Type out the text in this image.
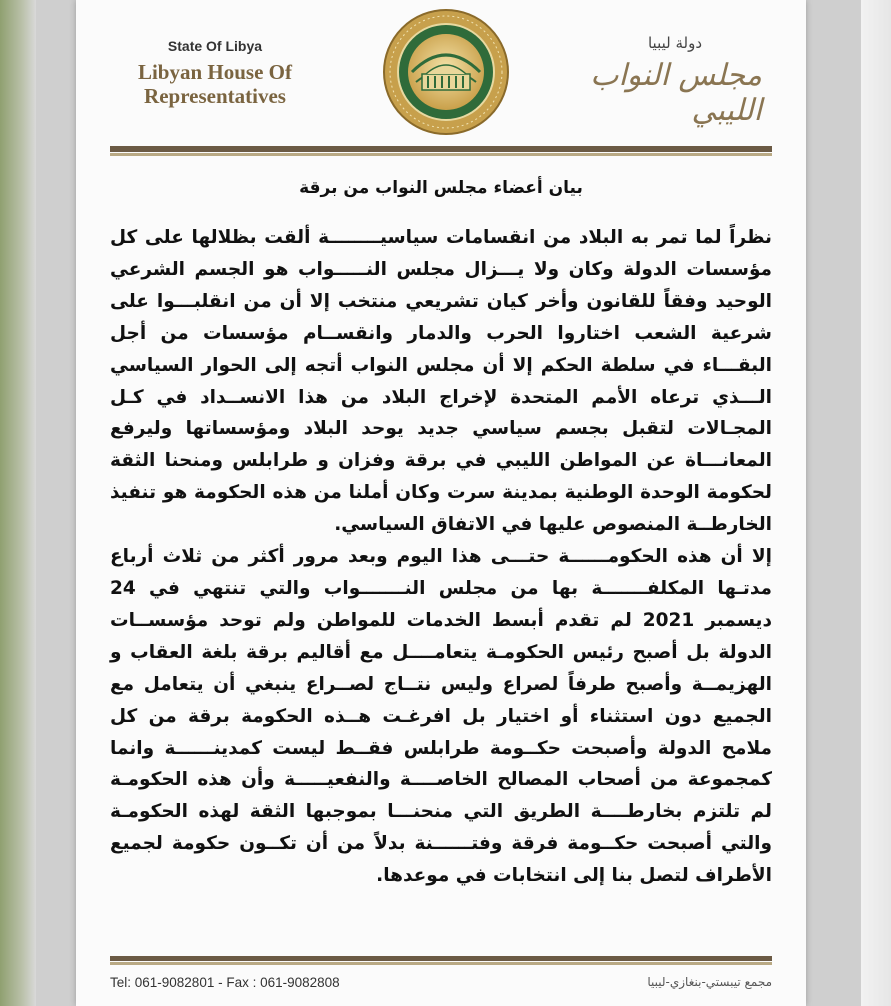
State Of Libya
Libyan House Of
Representatives
دولة ليبيا
مجلس النواب الليبي
بيان أعضاء مجلس النواب من برقة

نظراً لما تمر به البلاد من انقسامات سياسيــــــــة ألقت بظلالها على كل مؤسسات الدولة وكان ولا يـــزال مجلس النـــــواب هو الجسم الشرعي الوحيد وفقاً للقانون وأخر كيان تشريعي منتخب إلا أن من انقلبـــوا على شرعية الشعب اختاروا الحرب والدمار وانقســام مؤسسات من أجل البقـــاء في سلطة الحكم إلا أن مجلس النواب أتجه إلى الحوار السياسي الـــذي ترعاه الأمم المتحدة لإخراج البلاد من هذا الانســداد في كـل المجـالات لتقبل بجسم سياسي جديد يوحد البلاد ومؤسساتها وليرفع المعانـــاة عن المواطن الليبي في برقة وفزان و طرابلس ومنحنا الثقة لحكومة الوحدة الوطنية بمدينة سرت وكان أملنا من هذه الحكومة هو تنفيذ الخارطــة المنصوص عليها في الاتفاق السياسي.

إلا أن هذه الحكومــــــة حتـــى هذا اليوم وبعد مرور أكثر من ثلاث أرباع مدتـها المكلفـــــــة بها من مجلس النـــــــواب والتي تنتهي في 24 ديسمبر 2021 لم تقدم أبسط الخدمات للمواطن ولم توحد مؤسســات الدولة بل أصبح رئيس الحكومـة يتعامــــل مع أقاليم برقة بلغة العقاب و الهزيمــة وأصبح طرفاً لصراع وليس نتــاج لصــراع ينبغي أن يتعامل مع الجميع دون استثناء أو اختيار بل افرغـت هــذه الحكومة برقة من كل ملامح الدولة وأصبحت حكــومة طرابلس فقــط ليست كمدينــــــة وانما كمجموعة من أصحاب المصالح الخاصــــة والنفعيـــــة وأن هذه الحكومـة لم تلتزم بخارطــــة الطريق التي منحنـــا بموجبها الثقة لهذه الحكومـة والتي أصبحت حكــومة فرقة وفتــــــنة بدلاً من أن تكــون حكومة لجميع الأطراف لتصل بنا إلى انتخابات في موعدها.

Tel: 061-9082801 - Fax : 061-9082808	مجمع تيبستي-بنغازي-ليبيا
